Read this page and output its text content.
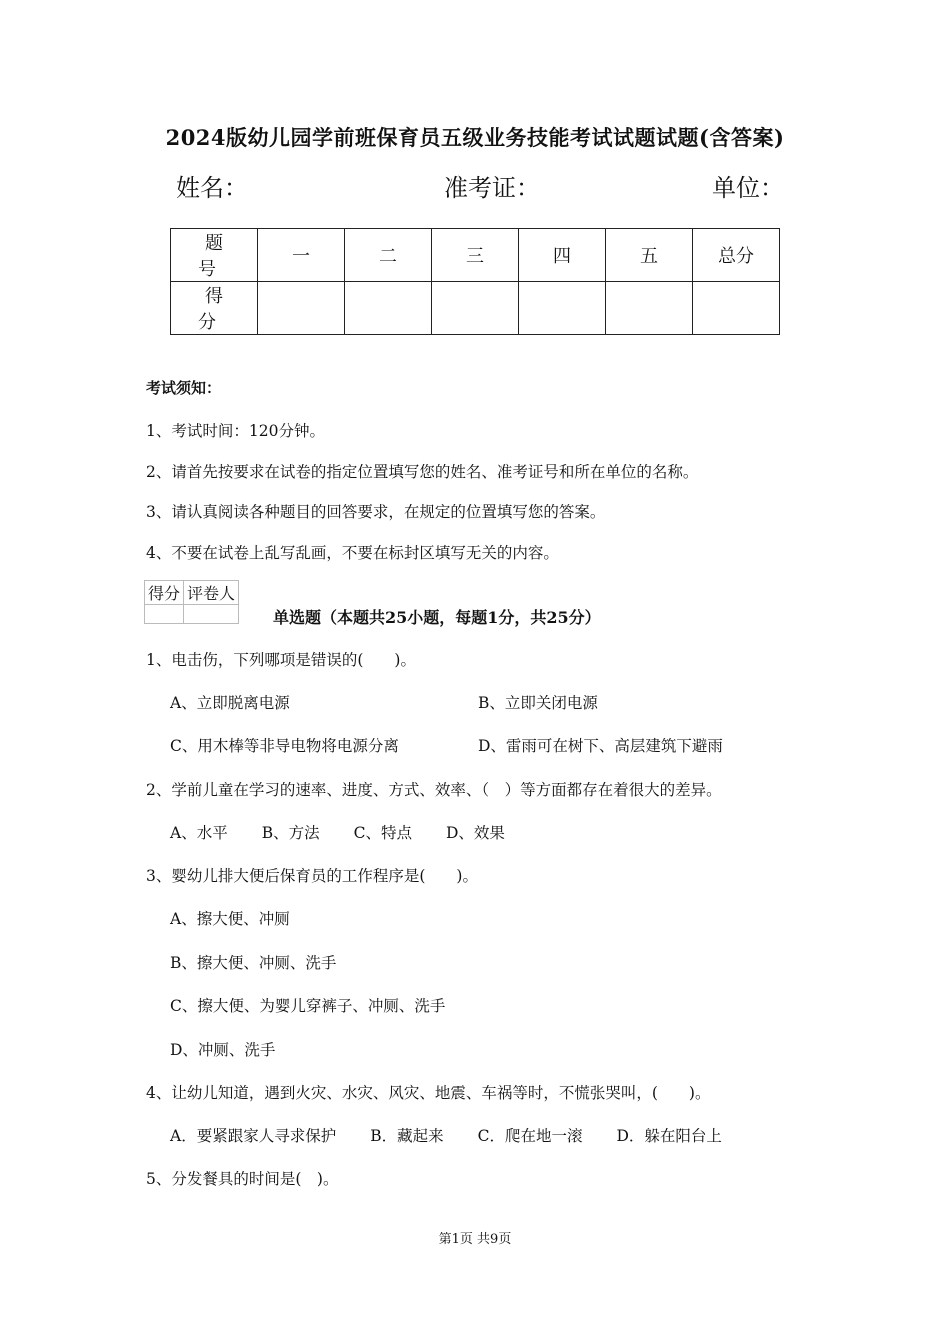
2024版幼儿园学前班保育员五级业务技能考试试题试题(含答案)
姓名：	准考证：	单位：
题　号	一	二	三	四	五	总分
得　分						
考试须知：
1、考试时间：120分钟。
2、请首先按要求在试卷的指定位置填写您的姓名、准考证号和所在单位的名称。
3、请认真阅读各种题目的回答要求，在规定的位置填写您的答案。
4、不要在试卷上乱写乱画，不要在标封区填写无关的内容。
得分	评卷人

单选题（本题共25小题，每题1分，共25分）
1、电击伤，下列哪项是错误的(　　)。
A、立即脱离电源	B、立即关闭电源
C、用木棒等非导电物将电源分离	D、雷雨可在树下、高层建筑下避雨
2、学前儿童在学习的速率、进度、方式、效率、（　）等方面都存在着很大的差异。
A、水平 B、方法 C、特点 D、效果
3、婴幼儿排大便后保育员的工作程序是(　　)。
A、擦大便、冲厕
B、擦大便、冲厕、洗手
C、擦大便、为婴儿穿裤子、冲厕、洗手
D、冲厕、洗手
4、让幼儿知道，遇到火灾、水灾、风灾、地震、车祸等时，不慌张哭叫，(　　)。
A．要紧跟家人寻求保护 B．藏起来 C．爬在地一滚 D．躲在阳台上
5、分发餐具的时间是(　)。
第1页 共9页
